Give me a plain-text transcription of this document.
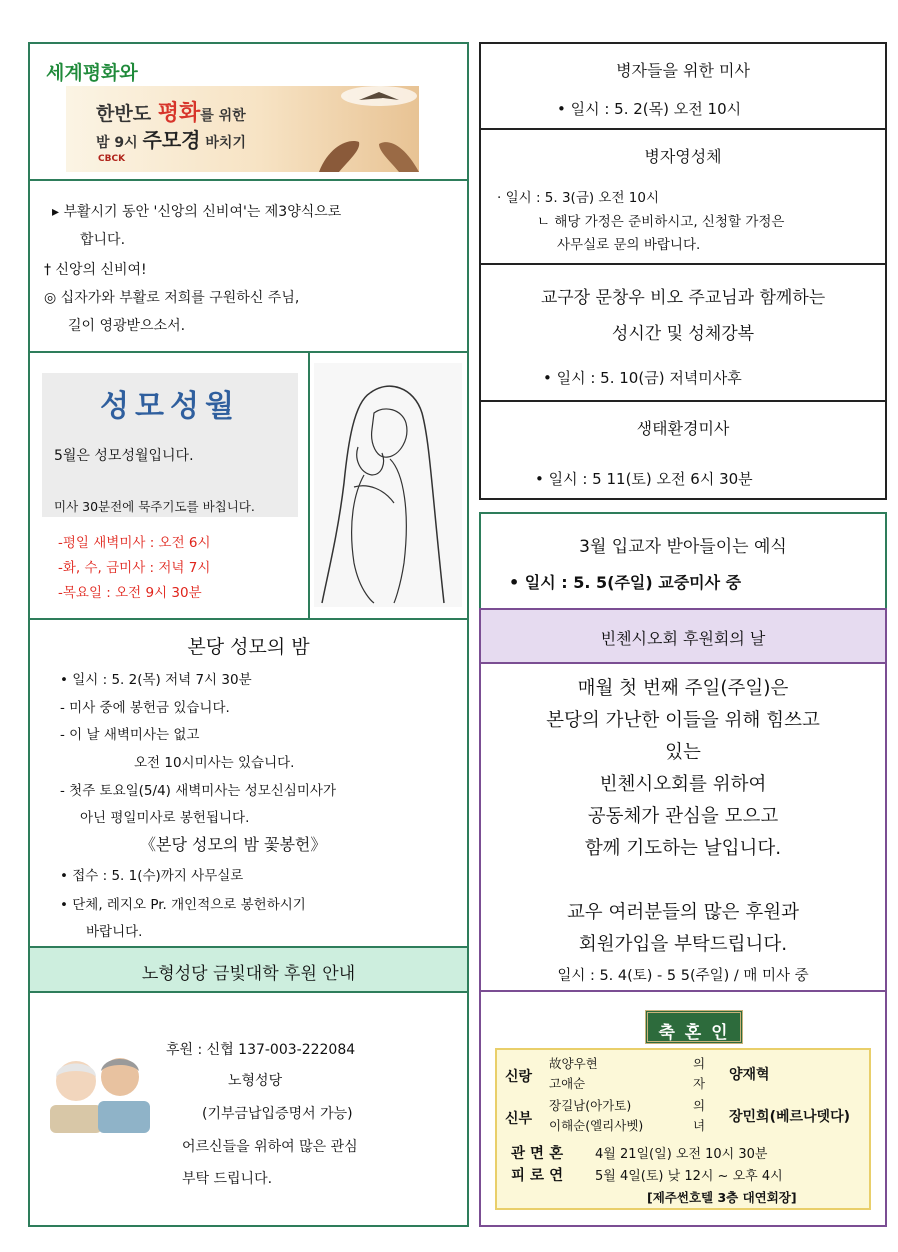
세계평화와
한반도 평화를 위한
밤 9시 주모경 바치기
CBCK
▸ 부활시기 동안 '신앙의 신비여'는 제3양식으로
합니다.
† 신앙의 신비여!
◎ 십자가와 부활로 저희를 구원하신 주님,
길이 영광받으소서.
성모성월
5월은 성모성월입니다.
미사 30분전에 묵주기도를 바칩니다.
-평일 새벽미사 : 오전 6시
-화, 수, 금미사 : 저녁 7시
-목요일 : 오전 9시 30분
본당 성모의 밤
• 일시 : 5. 2(목) 저녁 7시 30분
- 미사 중에 봉헌금 있습니다.
- 이 날 새벽미사는 없고
오전 10시미사는 있습니다.
- 첫주 토요일(5/4) 새벽미사는 성모신심미사가
아닌 평일미사로 봉헌됩니다.
《본당 성모의 밤 꽃봉헌》
• 접수 : 5. 1(수)까지 사무실로
• 단체, 레지오 Pr. 개인적으로 봉헌하시기
바랍니다.
노형성당 금빛대학 후원 안내
후원 : 신협 137-003-222084
노형성당
(기부금납입증명서 가능)
어르신들을 위하여 많은 관심
부탁 드립니다.
병자들을 위한 미사
• 일시 : 5. 2(목) 오전 10시
병자영성체
· 일시 : 5. 3(금) 오전 10시
ㄴ 해당 가정은 준비하시고, 신청할 가정은
사무실로 문의 바랍니다.
교구장 문창우 비오 주교님과 함께하는
성시간 및 성체강복
• 일시 : 5. 10(금) 저녁미사후
생태환경미사
• 일시 : 5 11(토) 오전 6시 30분
3월 입교자 받아들이는 예식
• 일시 : 5. 5(주일) 교중미사 중
빈첸시오회 후원회의 날
매월 첫 번째 주일(주일)은
본당의 가난한 이들을 위해 힘쓰고
있는
빈첸시오회를 위하여
공동체가 관심을 모으고
함께 기도하는 날입니다.
교우 여러분들의 많은 후원과
회원가입을 부탁드립니다.
일시 : 5. 4(토) - 5 5(주일) / 매 미사 중
축 혼 인
신랑
故양우현
고애순
의
자
양재혁
신부
장길남(아가토)
이해순(엘리사벳)
의
녀
장민희(베르나뎃다)
관 면 혼 4월 21일(일) 오전 10시 30분
피 로 연 5월 4일(토) 낮 12시 ~ 오후 4시
[제주썬호텔 3층 대연회장]
